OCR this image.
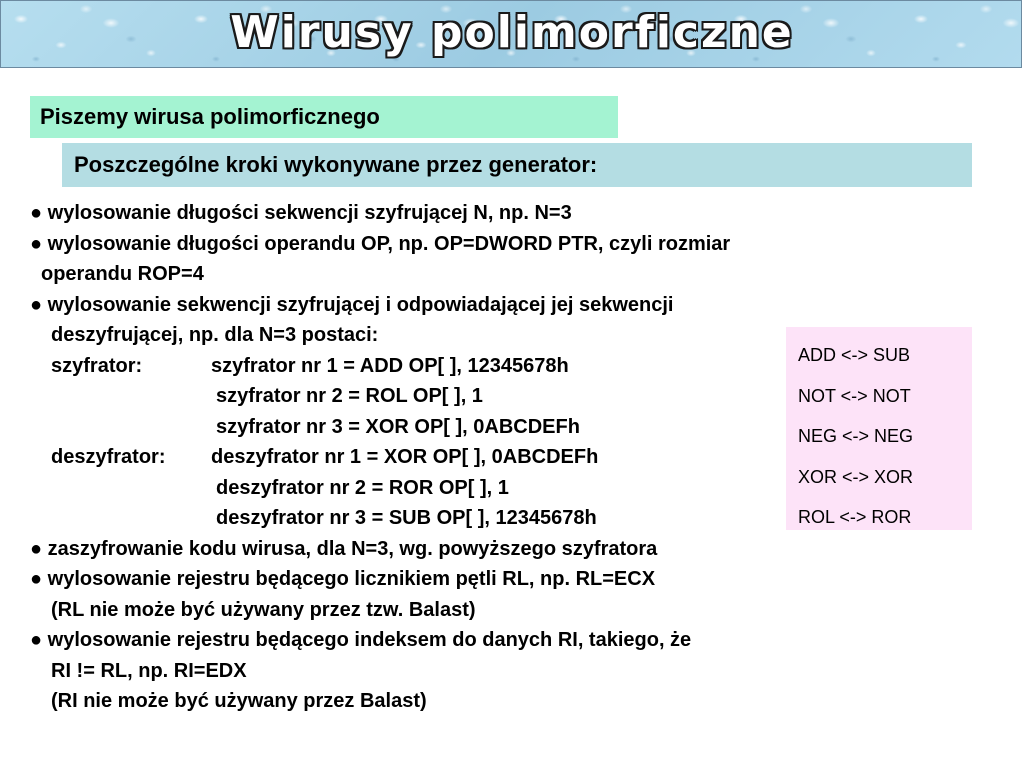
Wirusy polimorficzne
Piszemy wirusa polimorficznego
Poszczególne kroki wykonywane przez generator:
● wylosowanie długości sekwencji szyfrującej N, np. N=3
● wylosowanie długości operandu OP, np. OP=DWORD PTR, czyli rozmiar
operandu ROP=4
● wylosowanie sekwencji szyfrującej i odpowiadającej jej sekwencji
deszyfrującej, np. dla N=3 postaci:
szyfrator:	szyfrator nr 1 = ADD OP[ ], 12345678h
szyfrator nr 2 = ROL OP[ ], 1
szyfrator nr 3 = XOR OP[ ], 0ABCDEFh
deszyfrator: deszyfrator nr 1 = XOR OP[ ], 0ABCDEFh
deszyfrator nr 2 = ROR OP[ ], 1
deszyfrator nr 3 = SUB OP[ ], 12345678h
● zaszyfrowanie kodu wirusa, dla N=3, wg. powyższego szyfratora
● wylosowanie rejestru będącego licznikiem pętli RL, np. RL=ECX
(RL nie może być używany przez tzw. Balast)
● wylosowanie rejestru będącego indeksem do danych RI, takiego, że
RI != RL, np. RI=EDX
(RI nie może być używany przez Balast)
ADD <-> SUB
NOT <-> NOT
NEG <-> NEG
XOR <-> XOR
ROL <-> ROR
